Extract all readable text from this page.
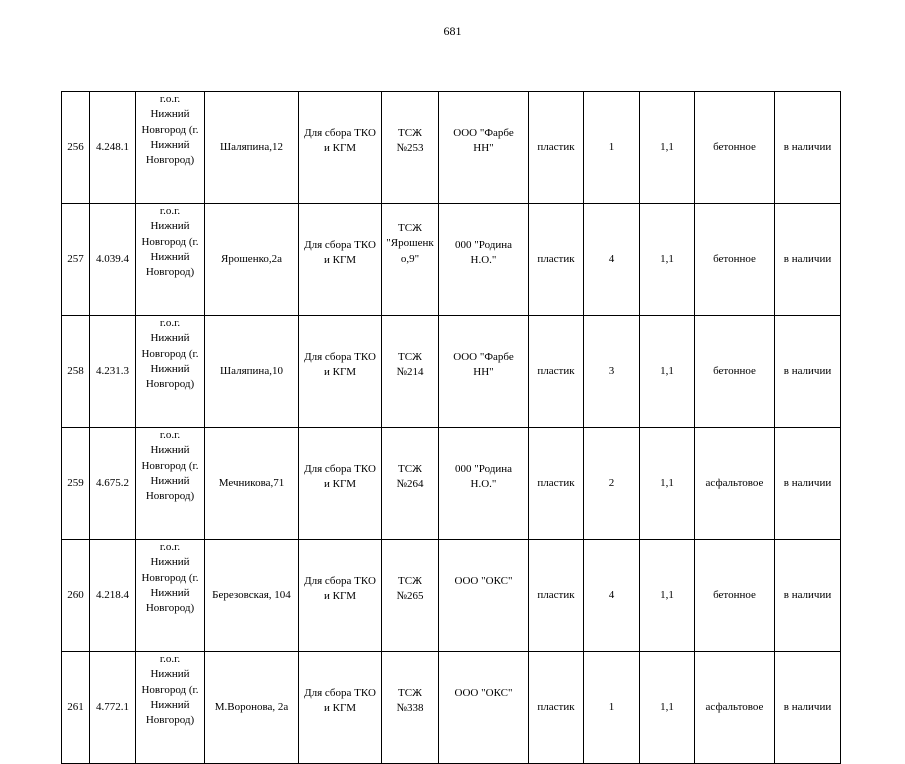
681
256	4.248.1	г.о.г.
Нижний
Новгород (г.
Нижний
Новгород)	Шаляпина,12	Для сбора ТКО
и КГМ	ТСЖ
№253	ООО "Фарбе
НН"	пластик	1	1,1	бетонное	в наличии
257	4.039.4	г.о.г.
Нижний
Новгород (г.
Нижний
Новгород)	Ярошенко,2а	Для сбора ТКО
и КГМ	ТСЖ
"Ярошенк
о,9"	000 "Родина
Н.О."	пластик	4	1,1	бетонное	в наличии
258	4.231.3	г.о.г.
Нижний
Новгород (г.
Нижний
Новгород)	Шаляпина,10	Для сбора ТКО
и КГМ	ТСЖ
№214	ООО "Фарбе
НН"	пластик	3	1,1	бетонное	в наличии
259	4.675.2	г.о.г.
Нижний
Новгород (г.
Нижний
Новгород)	Мечникова,71	Для сбора ТКО
и КГМ	ТСЖ
№264	000 "Родина
Н.О."	пластик	2	1,1	асфальтовое	в наличии
260	4.218.4	г.о.г.
Нижний
Новгород (г.
Нижний
Новгород)	Березовская, 104	Для сбора ТКО
и КГМ	ТСЖ
№265	ООО "ОКС"	пластик	4	1,1	бетонное	в наличии
261	4.772.1	г.о.г.
Нижний
Новгород (г.
Нижний
Новгород)	М.Воронова, 2а	Для сбора ТКО
и КГМ	ТСЖ
№338	ООО "ОКС"	пластик	1	1,1	асфальтовое	в наличии
